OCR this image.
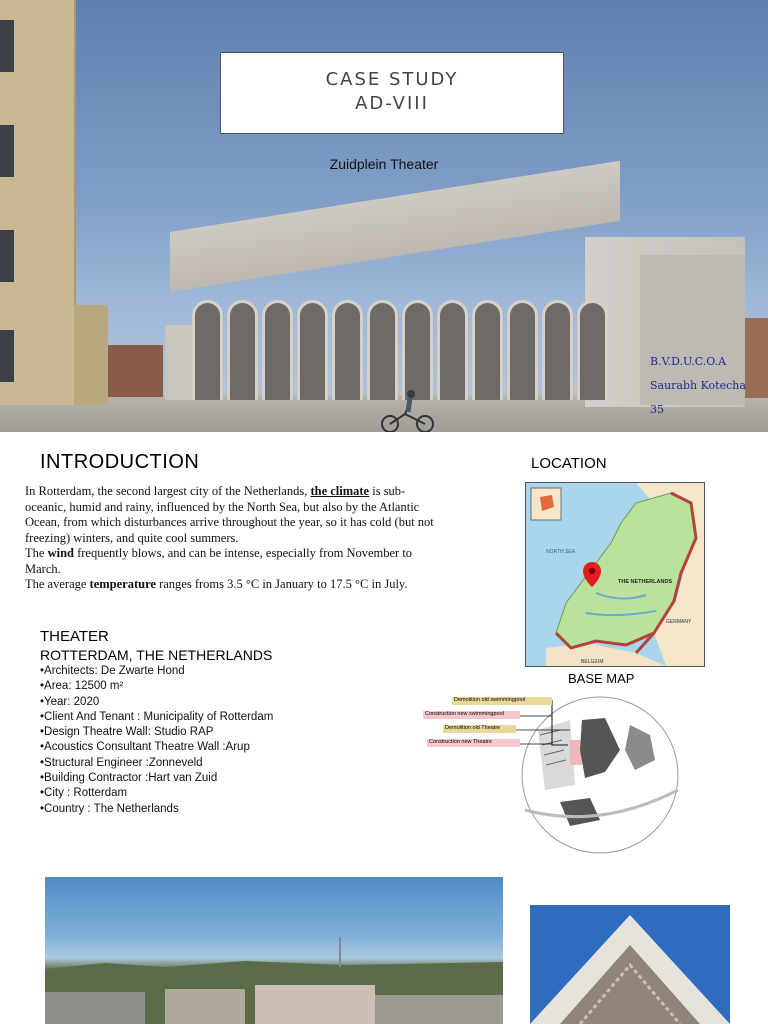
CASE STUDY
AD-VIII
Zuidplein Theater
B.V.D.U.C.O.A
Saurabh Kotecha
35
INTRODUCTION
In Rotterdam, the second largest city of the Netherlands, the climate is sub-oceanic, humid and rainy, influenced by the North Sea, but also by the Atlantic Ocean, from which disturbances arrive throughout the year, so it has cold (but not freezing) winters, and quite cool summers.
The wind frequently blows, and can be intense, especially from November to March.
The average temperature ranges froms 3.5 °C in January to 17.5 °C in July.
LOCATION
THE NETHERLANDS
NORTH SEA
GERMANY
BELGIUM
BASE MAP
Demolition old swimmingpool
Construction new swimmingpool
Demolition old Theatre
Construction new Theatre
THEATER
ROTTERDAM, THE NETHERLANDS
•Architects: De Zwarte Hond
•Area: 12500 m²
•Year: 2020
•Client And Tenant : Municipality of Rotterdam
•Design Theatre Wall: Studio RAP
•Acoustics Consultant Theatre Wall :Arup
•Structural Engineer :Zonneveld
•Building Contractor :Hart van Zuid
•City : Rotterdam
•Country : The Netherlands
